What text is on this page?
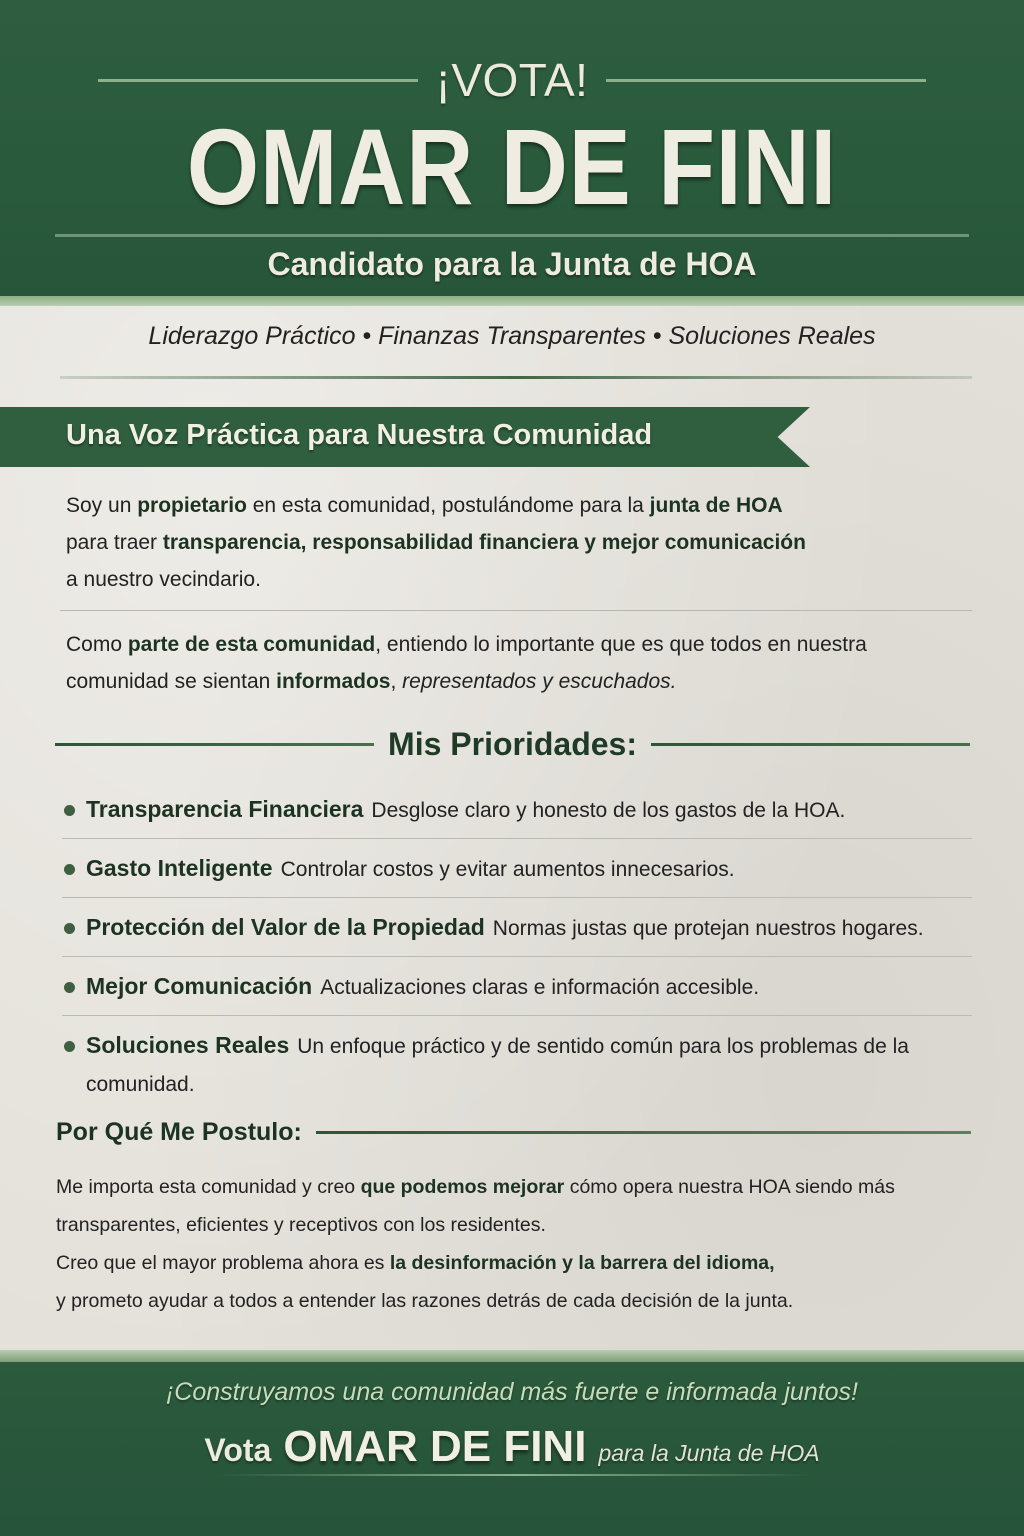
¡VOTA!
OMAR DE FINI
Candidato para la Junta de HOA
Liderazgo Práctico • Finanzas Transparentes • Soluciones Reales
Una Voz Práctica para Nuestra Comunidad
Soy un propietario en esta comunidad, postulándome para la junta de HOA
para traer transparencia, responsabilidad financiera y mejor comunicación
a nuestro vecindario.
Como parte de esta comunidad, entiendo lo importante que es que todos en nuestra comunidad se sientan informados, representados y escuchados.
Mis Prioridades:
Transparencia Financiera Desglose claro y honesto de los gastos de la HOA.
Gasto Inteligente Controlar costos y evitar aumentos innecesarios.
Protección del Valor de la Propiedad Normas justas que protejan nuestros hogares.
Mejor Comunicación Actualizaciones claras e información accesible.
Soluciones Reales Un enfoque práctico y de sentido común para los problemas de la comunidad.
Por Qué Me Postulo:
Me importa esta comunidad y creo que podemos mejorar cómo opera nuestra HOA siendo más transparentes, eficientes y receptivos con los residentes.
Creo que el mayor problema ahora es la desinformación y la barrera del idioma,
y prometo ayudar a todos a entender las razones detrás de cada decisión de la junta.
¡Construyamos una comunidad más fuerte e informada juntos!
Vota OMAR DE FINI para la Junta de HOA
